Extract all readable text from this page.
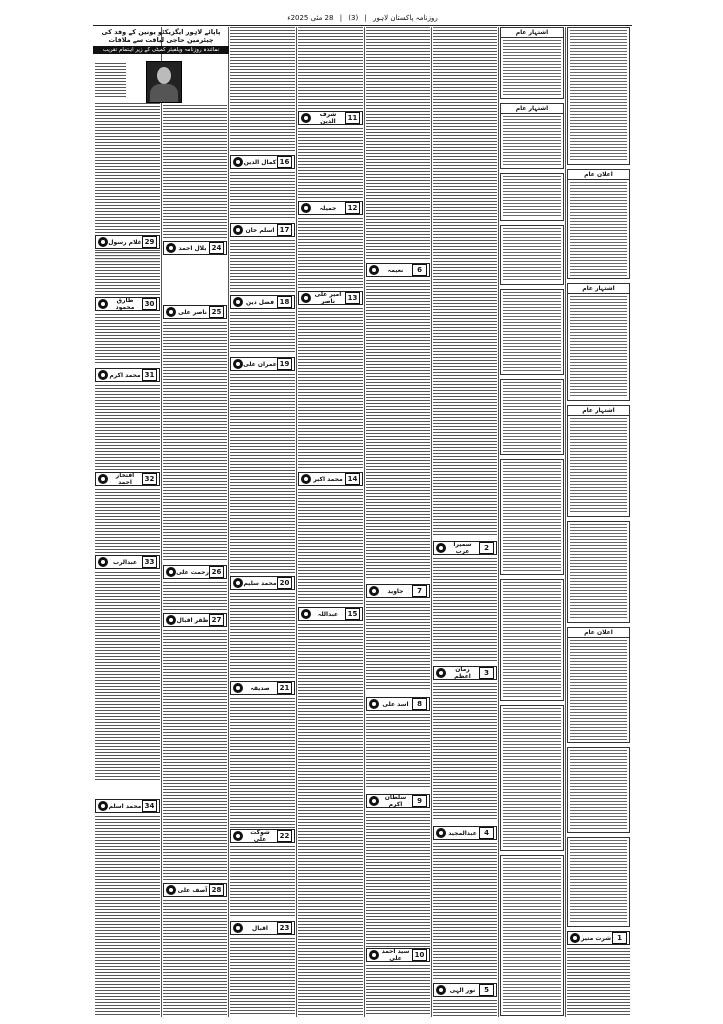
روزنامہ پاکستان لاہور | (3) | 28 مئی 2025ء
پاپائے لاہور ایگزیکٹو یونین کے وفد کی چیئرمین حاجی لیاقت سے ملاقات
نمائندہ روزنامہ ویلفیئر کمیٹی کے زیر اہتمام تقریب
غلام رسول 29
طارق محمود	30
محمد اکرم 31
افتخار احمد	32
عبدالرب	33
محمد اسلم 34
بلال احمد 24
ناصر علی 25
رحمت علی 26
ظفر اقبال 27
آصف علی 28
کمال الدین 16
اسلم خان 17
فضل دین 18
عمران علی 19
محمد سلیم 20
صدیقہ	21
شوکت علی	22
اقبال	23
شرف الدین	11
جمیلہ	12
امیر علی ناصر	13
محمد اکبر 14
عبداللہ	15
نعیمہ	6
جاوید	7
اسد علی	8
سلطان اکرم	9
سید احمد علی	10
سمیرا عرب	2
زمان اعظم	3
عبدالمجید	4
نور الہی	5
اشتہار عام
اشتہار عام
اعلان عام
اشتہار عام
اشتہار عام
اعلان عام
شرت منیر 1
